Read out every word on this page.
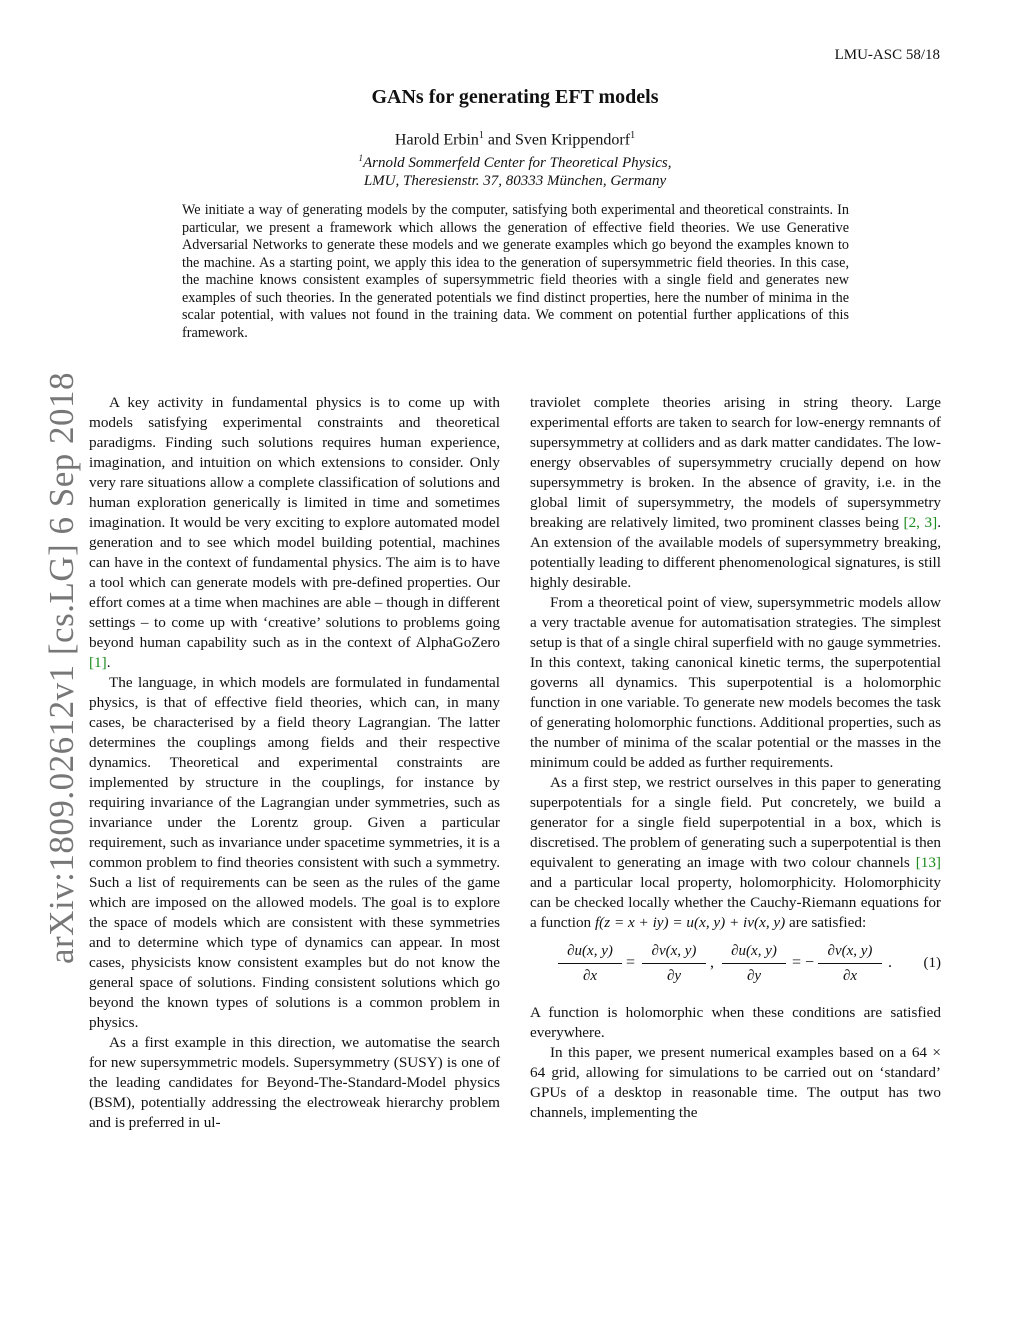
LMU-ASC 58/18
arXiv:1809.02612v1 [cs.LG] 6 Sep 2018
GANs for generating EFT models
Harold Erbin$^1$ and Sven Krippendorf$^1$
$^1$Arnold Sommerfeld Center for Theoretical Physics,
LMU, Theresienstr. 37, 80333 München, Germany
We initiate a way of generating models by the computer, satisfying both experimental and theoretical constraints. In particular, we present a framework which allows the generation of effective field theories. We use Generative Adversarial Networks to generate these models and we generate examples which go beyond the examples known to the machine. As a starting point, we apply this idea to the generation of supersymmetric field theories. In this case, the machine knows consistent examples of supersymmetric field theories with a single field and generates new examples of such theories. In the generated potentials we find distinct properties, here the number of minima in the scalar potential, with values not found in the training data. We comment on potential further applications of this framework.

A key activity in fundamental physics is to come up with models satisfying experimental constraints and theoretical paradigms. Finding such solutions requires human experience, imagination, and intuition on which extensions to consider. Only very rare situations allow a complete classification of solutions and human exploration generically is limited in time and sometimes imagination. It would be very exciting to explore automated model generation and to see which model building potential, machines can have in the context of fundamental physics. The aim is to have a tool which can generate models with pre-defined properties. Our effort comes at a time when machines are able – though in different settings – to come up with ‘creative’ solutions to problems going beyond human capability such as in the context of AlphaGoZero [1].

The language, in which models are formulated in fundamental physics, is that of effective field theories, which can, in many cases, be characterised by a field theory Lagrangian. The latter determines the couplings among fields and their respective dynamics. Theoretical and experimental constraints are implemented by structure in the couplings, for instance by requiring invariance of the Lagrangian under symmetries, such as invariance under the Lorentz group. Given a particular requirement, such as invariance under spacetime symmetries, it is a common problem to find theories consistent with such a symmetry. Such a list of requirements can be seen as the rules of the game which are imposed on the allowed models. The goal is to explore the space of models which are consistent with these symmetries and to determine which type of dynamics can appear. In most cases, physicists know consistent examples but do not know the general space of solutions. Finding consistent solutions which go beyond the known types of solutions is a common problem in physics.

As a first example in this direction, we automatise the search for new supersymmetric models. Supersymmetry (SUSY) is one of the leading candidates for Beyond-The-Standard-Model physics (BSM), potentially addressing the electroweak hierarchy problem and is preferred in ul-

traviolet complete theories arising in string theory. Large experimental efforts are taken to search for low-energy remnants of supersymmetry at colliders and as dark matter candidates. The low-energy observables of supersymmetry crucially depend on how supersymmetry is broken. In the absence of gravity, i.e. in the global limit of supersymmetry, the models of supersymmetry breaking are relatively limited, two prominent classes being [2, 3]. An extension of the available models of supersymmetry breaking, potentially leading to different phenomenological signatures, is still highly desirable.

From a theoretical point of view, supersymmetric models allow a very tractable avenue for automatisation strategies. The simplest setup is that of a single chiral superfield with no gauge symmetries. In this context, taking canonical kinetic terms, the superpotential governs all dynamics. This superpotential is a holomorphic function in one variable. To generate new models becomes the task of generating holomorphic functions. Additional properties, such as the number of minima of the scalar potential or the masses in the minimum could be added as further requirements.

As a first step, we restrict ourselves in this paper to generating superpotentials for a single field. Put concretely, we build a generator for a single field superpotential in a box, which is discretised. The problem of generating such a superpotential is then equivalent to generating an image with two colour channels [13] and a particular local property, holomorphicity. Holomorphicity can be checked locally whether the Cauchy-Riemann equations for a function f(z = x + iy) = u(x, y) + iv(x, y) are satisfied:

$\frac{\partial u(x, y)}{\partial x} = \frac{\partial v(x, y)}{\partial y}$ , $\frac{\partial u(x, y)}{\partial y}$ = − $\frac{\partial v(x, y)}{\partial x}$ . (1)

A function is holomorphic when these conditions are satisfied everywhere.

In this paper, we present numerical examples based on a 64 × 64 grid, allowing for simulations to be carried out on ‘standard’ GPUs of a desktop in reasonable time. The output has two channels, implementing the
